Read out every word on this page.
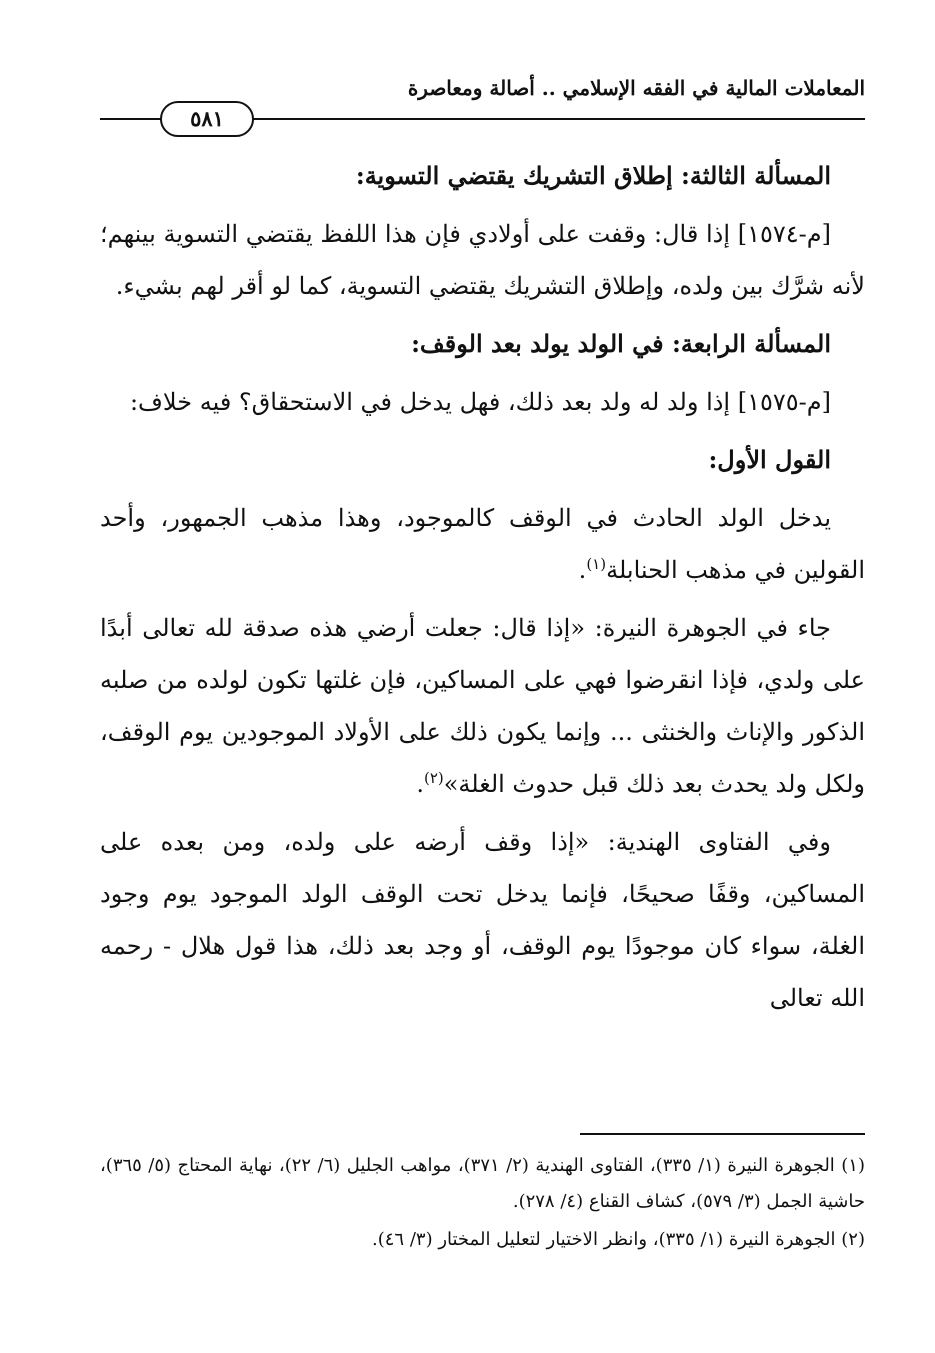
المعاملات المالية في الفقه الإسلامي .. أصالة ومعاصرة
٥٨١

المسألة الثالثة: إطلاق التشريك يقتضي التسوية:

[م-١٥٧٤] إذا قال: وقفت على أولادي فإن هذا اللفظ يقتضي التسوية بينهم؛ لأنه شرَّك بين ولده، وإطلاق التشريك يقتضي التسوية، كما لو أقر لهم بشيء.

المسألة الرابعة: في الولد يولد بعد الوقف:

[م-١٥٧٥] إذا ولد له ولد بعد ذلك، فهل يدخل في الاستحقاق؟ فيه خلاف:

القول الأول:

يدخل الولد الحادث في الوقف كالموجود، وهذا مذهب الجمهور، وأحد القولين في مذهب الحنابلة$^{(١)}$.

جاء في الجوهرة النيرة: «إذا قال: جعلت أرضي هذه صدقة لله تعالى أبدًا على ولدي، فإذا انقرضوا فهي على المساكين، فإن غلتها تكون لولده من صلبه الذكور والإناث والخنثى ... وإنما يكون ذلك على الأولاد الموجودين يوم الوقف، ولكل ولد يحدث بعد ذلك قبل حدوث الغلة»$^{(٢)}$.

وفي الفتاوى الهندية: «إذا وقف أرضه على ولده، ومن بعده على المساكين، وقفًا صحيحًا، فإنما يدخل تحت الوقف الولد الموجود يوم وجود الغلة، سواء كان موجودًا يوم الوقف، أو وجد بعد ذلك، هذا قول هلال - رحمه الله تعالى

(١) الجوهرة النيرة (١/ ٣٣٥)، الفتاوى الهندية (٢/ ٣٧١)، مواهب الجليل (٦/ ٢٢)، نهاية المحتاج (٥/ ٣٦٥)، حاشية الجمل (٣/ ٥٧٩)، كشاف القناع (٤/ ٢٧٨).

(٢) الجوهرة النيرة (١/ ٣٣٥)، وانظر الاختيار لتعليل المختار (٣/ ٤٦).
